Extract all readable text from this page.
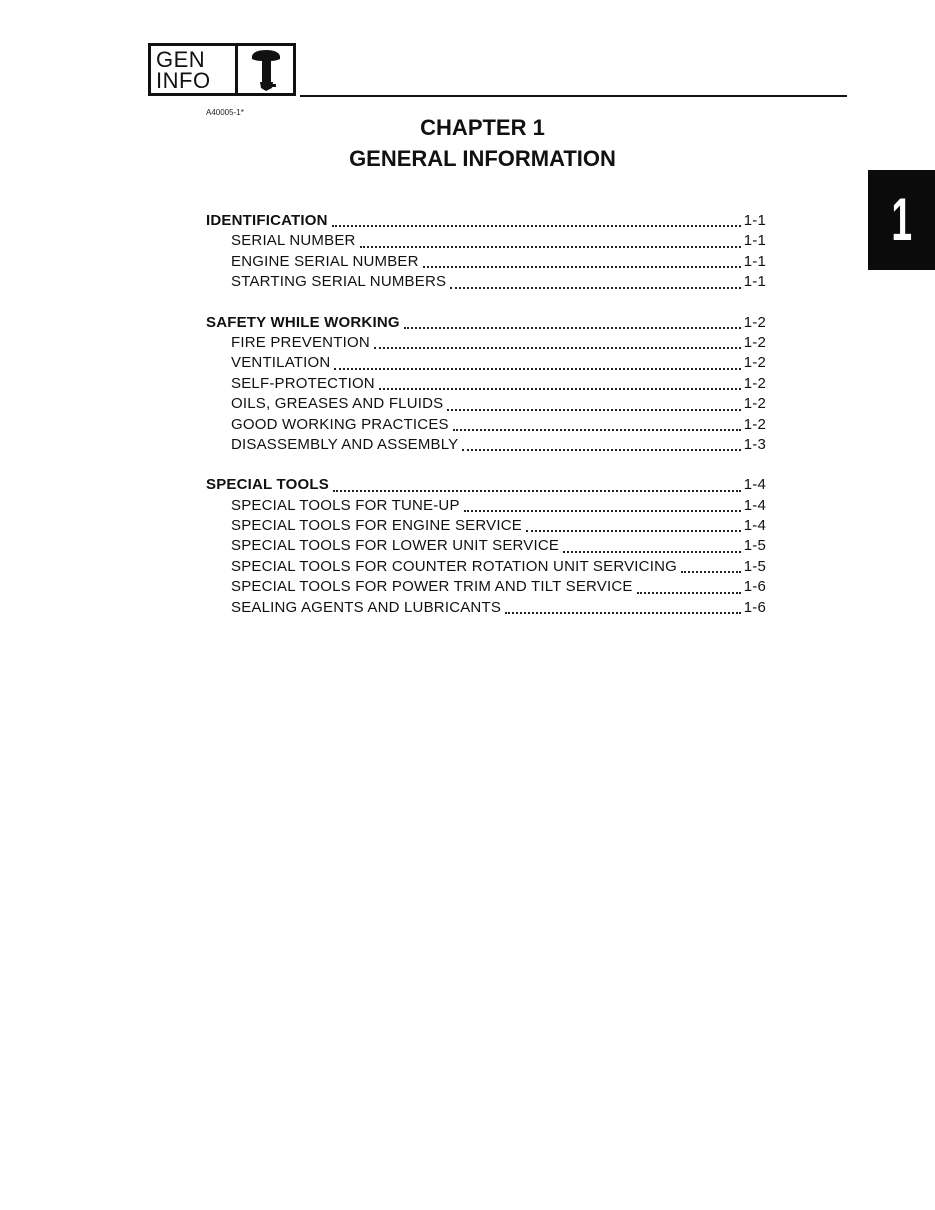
GEN
INFO
A40005-1*
CHAPTER 1
GENERAL INFORMATION
1
IDENTIFICATION	1-1
SERIAL NUMBER	1-1
ENGINE SERIAL NUMBER	1-1
STARTING SERIAL NUMBERS	1-1
SAFETY WHILE WORKING	1-2
FIRE PREVENTION	1-2
VENTILATION	1-2
SELF-PROTECTION	1-2
OILS, GREASES AND FLUIDS	1-2
GOOD WORKING PRACTICES	1-2
DISASSEMBLY AND ASSEMBLY	1-3
SPECIAL TOOLS	1-4
SPECIAL TOOLS FOR TUNE-UP	1-4
SPECIAL TOOLS FOR ENGINE SERVICE	1-4
SPECIAL TOOLS FOR LOWER UNIT SERVICE	1-5
SPECIAL TOOLS FOR COUNTER ROTATION UNIT SERVICING	1-5
SPECIAL TOOLS FOR POWER TRIM AND TILT SERVICE	1-6
SEALING AGENTS AND LUBRICANTS	1-6
